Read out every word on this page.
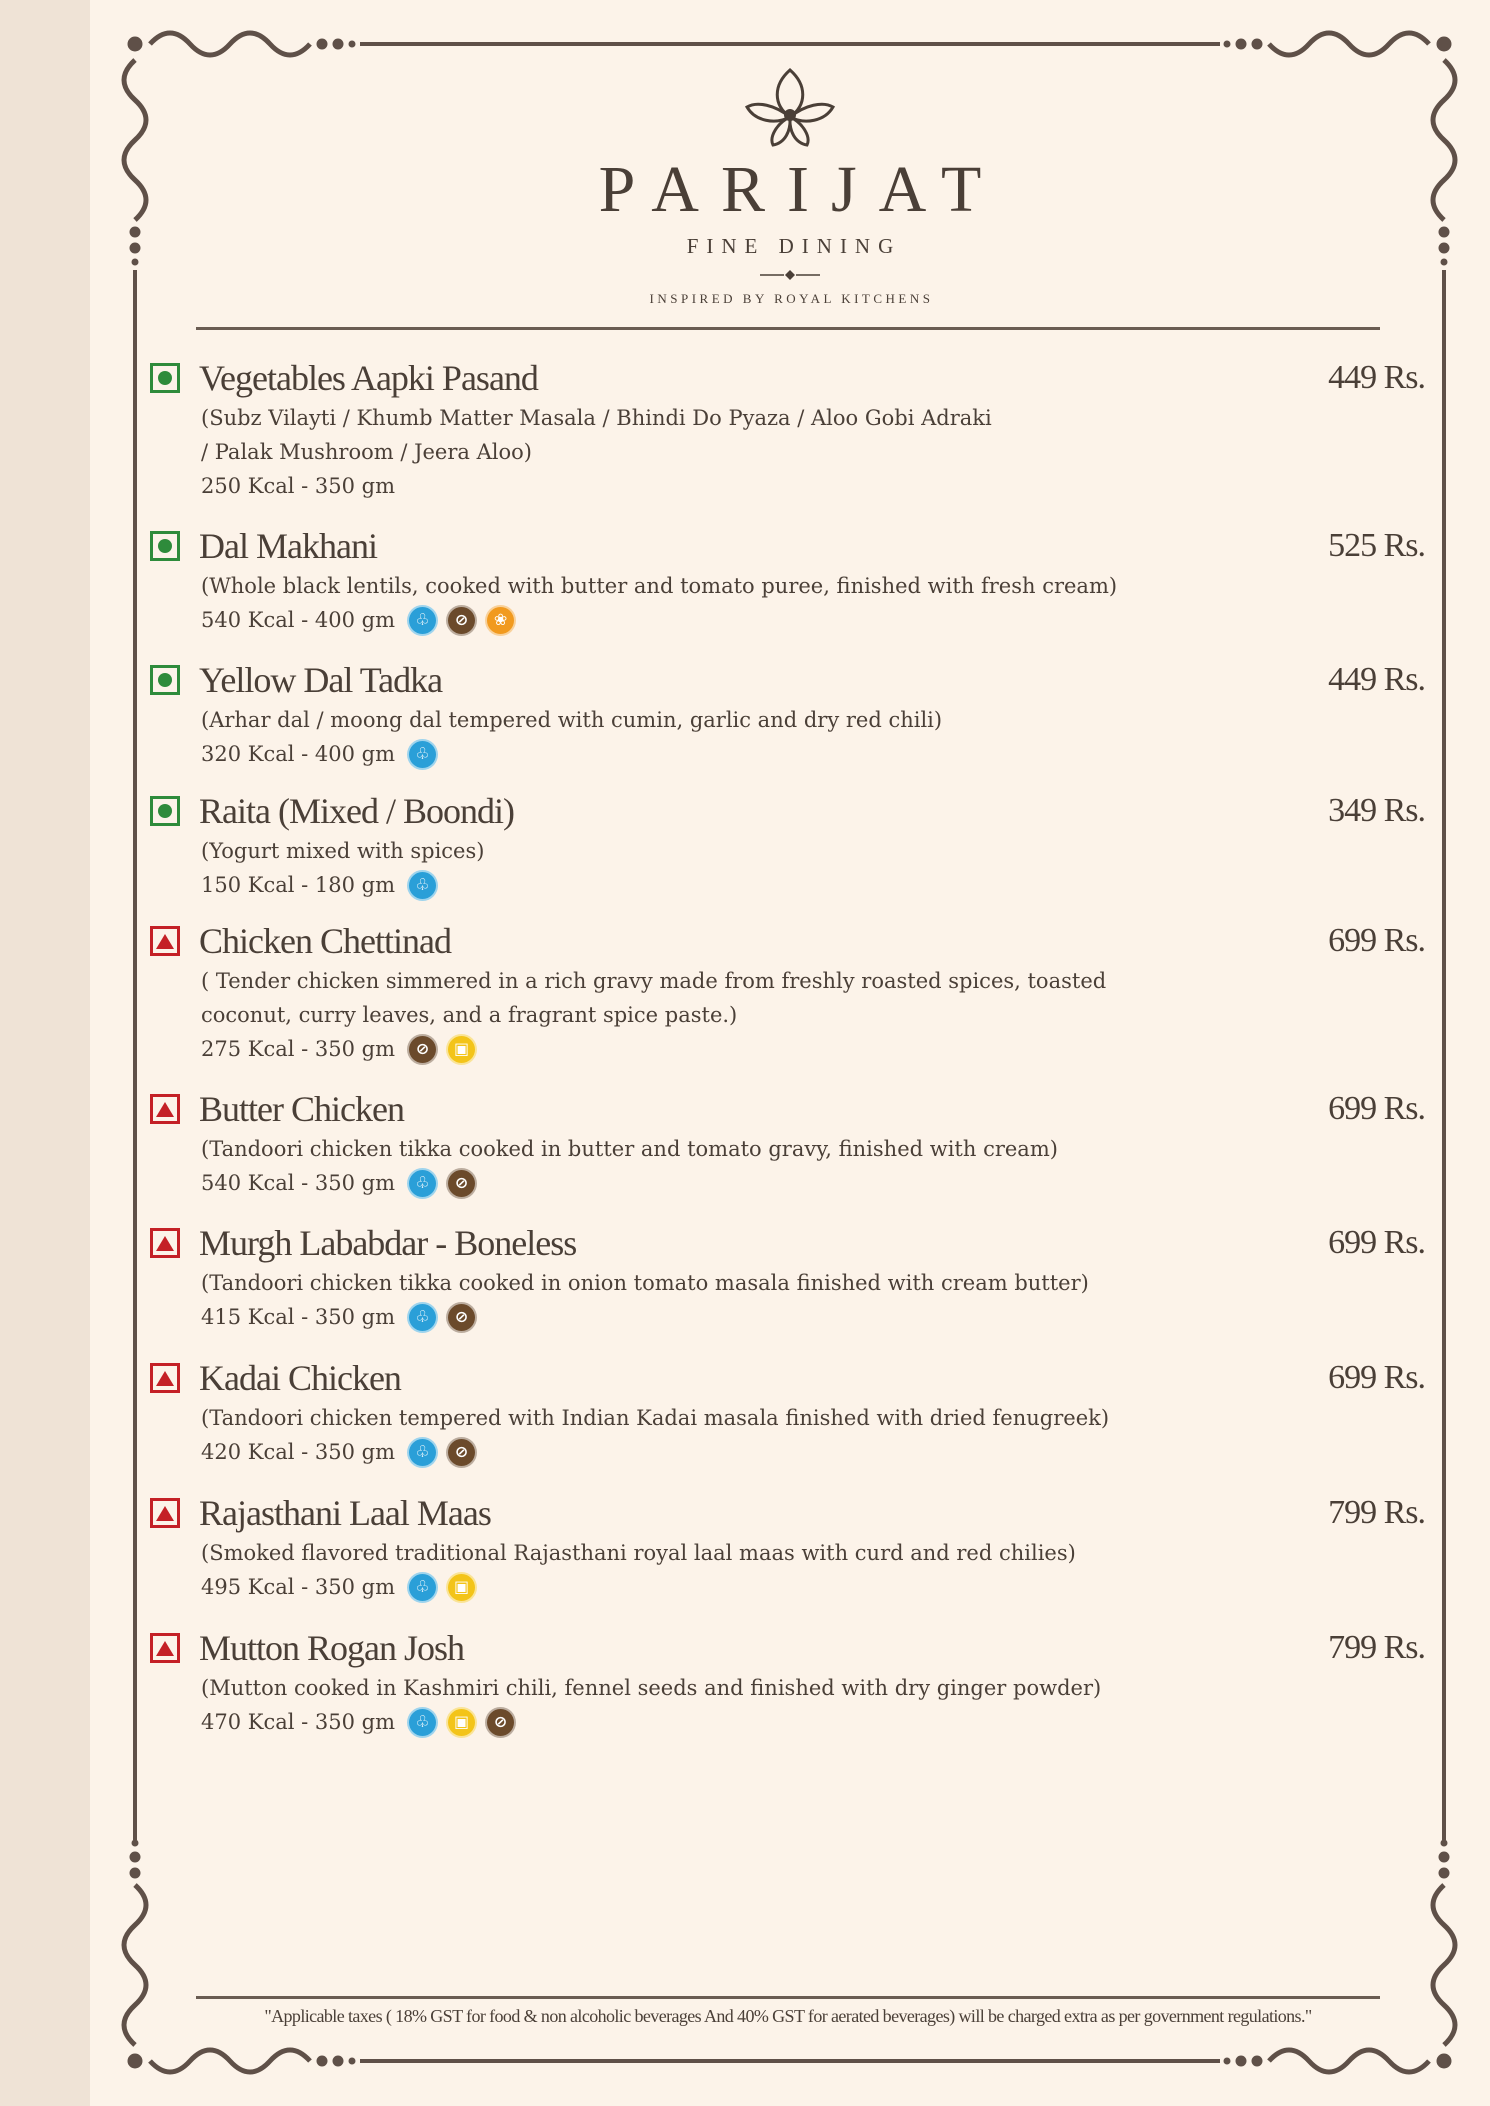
PARIJAT
FINE DINING
INSPIRED BY ROYAL KITCHENS
Vegetables Aapki Pasand	449 Rs.
(Subz Vilayti / Khumb Matter Masala / Bhindi Do Pyaza / Aloo Gobi Adraki
/ Palak Mushroom / Jeera Aloo)
250 Kcal - 350 gm
Dal Makhani	525 Rs.
(Whole black lentils, cooked with butter and tomato puree, finished with fresh cream)
540 Kcal - 400 gm	♧	⊘	❀
Yellow Dal Tadka	449 Rs.
(Arhar dal / moong dal tempered with cumin, garlic and dry red chili)
320 Kcal - 400 gm	♧
Raita (Mixed / Boondi)	349 Rs.
(Yogurt mixed with spices)
150 Kcal - 180 gm	♧
Chicken Chettinad	699 Rs.
( Tender chicken simmered in a rich gravy made from freshly roasted spices, toasted
coconut, curry leaves, and a fragrant spice paste.)
275 Kcal - 350 gm	⊘	▣
Butter Chicken	699 Rs.
(Tandoori chicken tikka cooked in butter and tomato gravy, finished with cream)
540 Kcal - 350 gm	♧	⊘
Murgh Lababdar - Boneless	699 Rs.
(Tandoori chicken tikka cooked in onion tomato masala finished with cream butter)
415 Kcal - 350 gm	♧	⊘
Kadai Chicken	699 Rs.
(Tandoori chicken tempered with Indian Kadai masala finished with dried fenugreek)
420 Kcal - 350 gm	♧	⊘
Rajasthani Laal Maas	799 Rs.
(Smoked flavored traditional Rajasthani royal laal maas with curd and red chilies)
495 Kcal - 350 gm	♧	▣
Mutton Rogan Josh	799 Rs.
(Mutton cooked in Kashmiri chili, fennel seeds and finished with dry ginger powder)
470 Kcal - 350 gm	♧	▣	⊘
"Applicable taxes ( 18% GST for food & non alcoholic beverages And 40% GST for aerated beverages) will be charged extra as per government regulations."
